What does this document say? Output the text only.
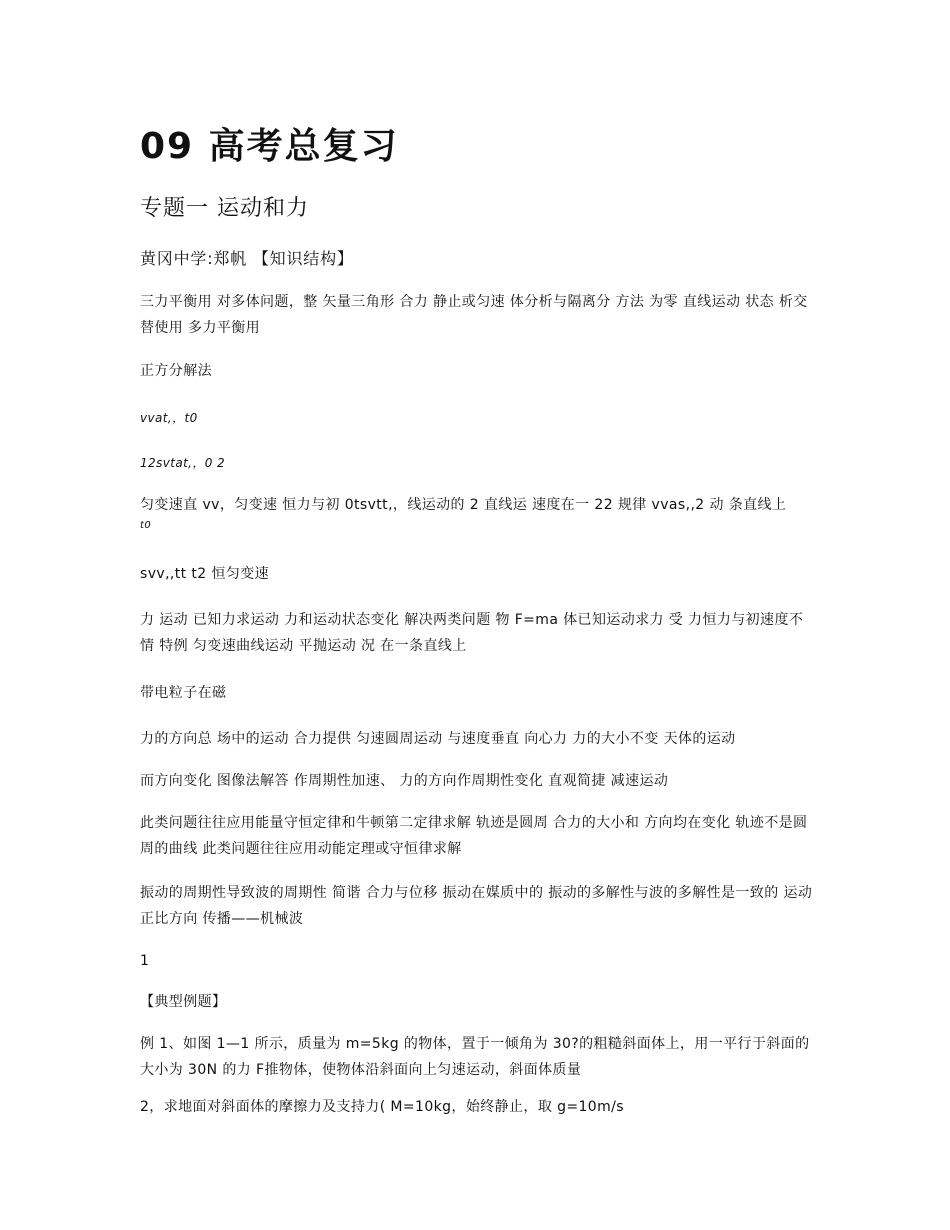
09 高考总复习
专题一 运动和力
黄冈中学:郑帆 【知识结构】
三力平衡用 对多体问题，整 矢量三角形 合力 静止或匀速 体分析与隔离分 方法 为零 直线运动 状态 析交替使用 多力平衡用
正方分解法
vvat,，t0
12svtat,，0 2
匀变速直 vv，匀变速 恒力与初 0tsvtt,，线运动的 2 直线运 速度在一 22 规律 vvas,,2 动 条直线上
t0
svv,,tt t2 恒匀变速
力 运动 已知力求运动 力和运动状态变化 解决两类问题 物 F=ma 体已知运动求力 受 力恒力与初速度不 情 特例 匀变速曲线运动 平抛运动 况 在一条直线上
带电粒子在磁
力的方向总 场中的运动 合力提供 匀速圆周运动 与速度垂直 向心力 力的大小不变 天体的运动
而方向变化 图像法解答 作周期性加速、 力的方向作周期性变化 直观简捷 减速运动
此类问题往往应用能量守恒定律和牛顿第二定律求解 轨迹是圆周 合力的大小和 方向均在变化 轨迹不是圆周的曲线 此类问题往往应用动能定理或守恒律求解
振动的周期性导致波的周期性 简谐 合力与位移 振动在媒质中的 振动的多解性与波的多解性是一致的 运动 正比方向 传播——机械波
1
【典型例题】
例 1、如图 1—1 所示，质量为 m=5kg 的物体，置于一倾角为 30?的粗糙斜面体上，用一平行于斜面的大小为 30N 的力 F推物体，使物体沿斜面向上匀速运动，斜面体质量
2，求地面对斜面体的摩擦力及支持力( M=10kg，始终静止，取 g=10m/s
